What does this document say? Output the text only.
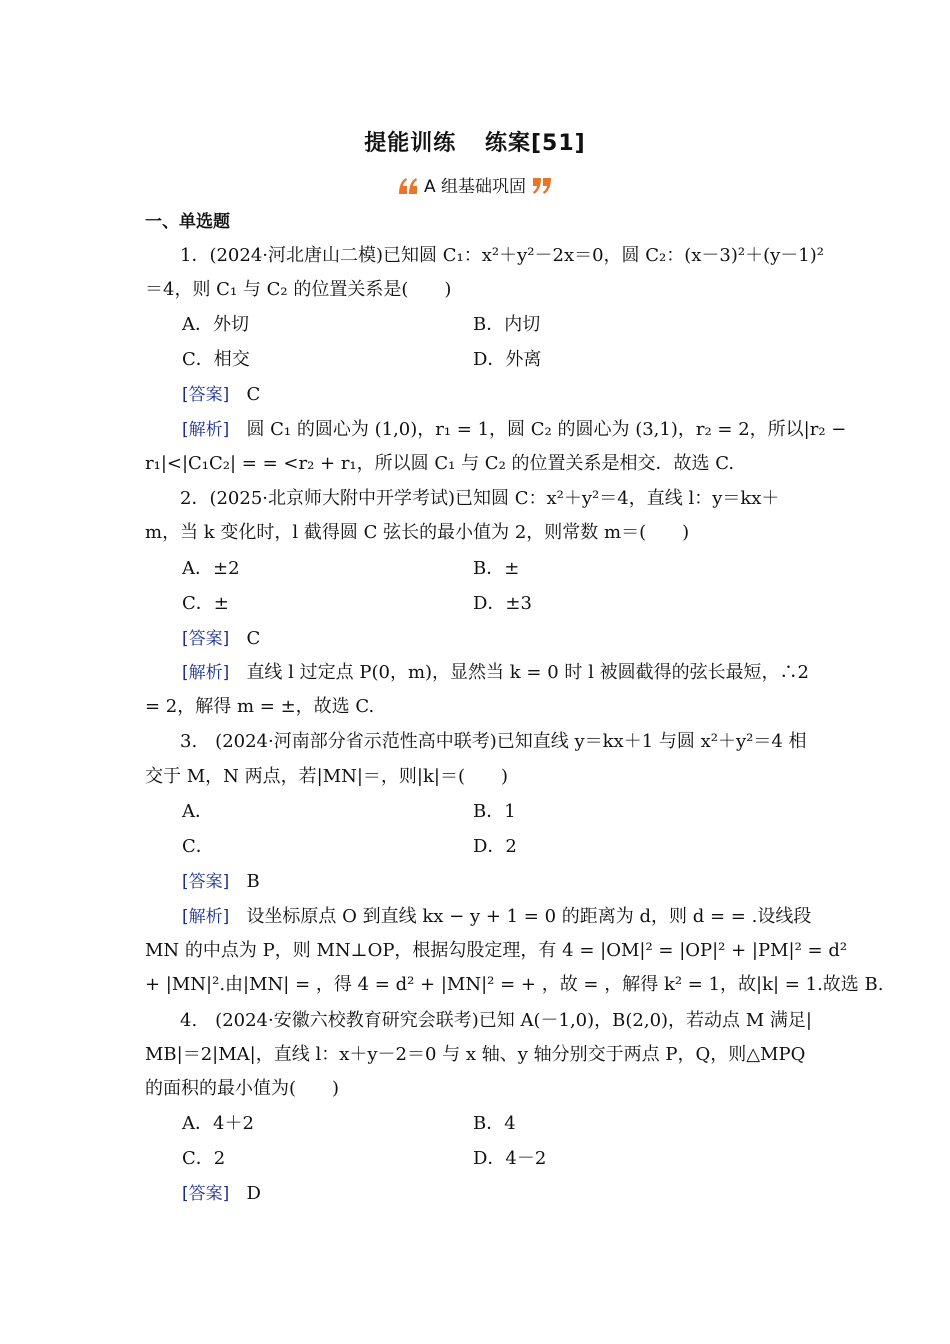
提能训练 练案[51]
A 组基础巩固
一、单选题
1．(2024·河北唐山二模)已知圆 C₁：x²＋y²－2x＝0，圆 C₂：(x－3)²＋(y－1)²
＝4，则 C₁ 与 C₂ 的位置关系是(　　)
A．外切	B．内切
C．相交	D．外离
[答案] C
[解析] 圆 C₁ 的圆心为 (1,0)，r₁ = 1，圆 C₂ 的圆心为 (3,1)，r₂ = 2，所以|r₂ −
r₁|<|C₁C₂| = = <r₂ + r₁，所以圆 C₁ 与 C₂ 的位置关系是相交．故选 C.
2．(2025·北京师大附中开学考试)已知圆 C：x²＋y²＝4，直线 l：y＝kx＋
m，当 k 变化时，l 截得圆 C 弦长的最小值为 2，则常数 m＝(　　)
A．±2	B．±
C．±	D．±3
[答案] C
[解析] 直线 l 过定点 P(0，m)，显然当 k = 0 时 l 被圆截得的弦长最短，∴2
= 2，解得 m = ±，故选 C.
3.　(2024·河南部分省示范性高中联考)已知直线 y＝kx＋1 与圆 x²＋y²＝4 相
交于 M，N 两点，若|MN|＝，则|k|＝(　　)
A．	B．1
C．	D．2
[答案] B
[解析] 设坐标原点 O 到直线 kx − y + 1 = 0 的距离为 d，则 d = = .设线段
MN 的中点为 P，则 MN⊥OP，根据勾股定理，有 4 = |OM|² = |OP|² + |PM|² = d²
+ |MN|².由|MN| = ，得 4 = d² + |MN|² = + ，故 = ，解得 k² = 1，故|k| = 1.故选 B.
4.　(2024·安徽六校教育研究会联考)已知 A(－1,0)，B(2,0)，若动点 M 满足|
MB|＝2|MA|，直线 l：x＋y－2＝0 与 x 轴、y 轴分别交于两点 P，Q，则△MPQ
的面积的最小值为(　　)
A．4＋2	B．4
C．2	D．4－2
[答案] D
